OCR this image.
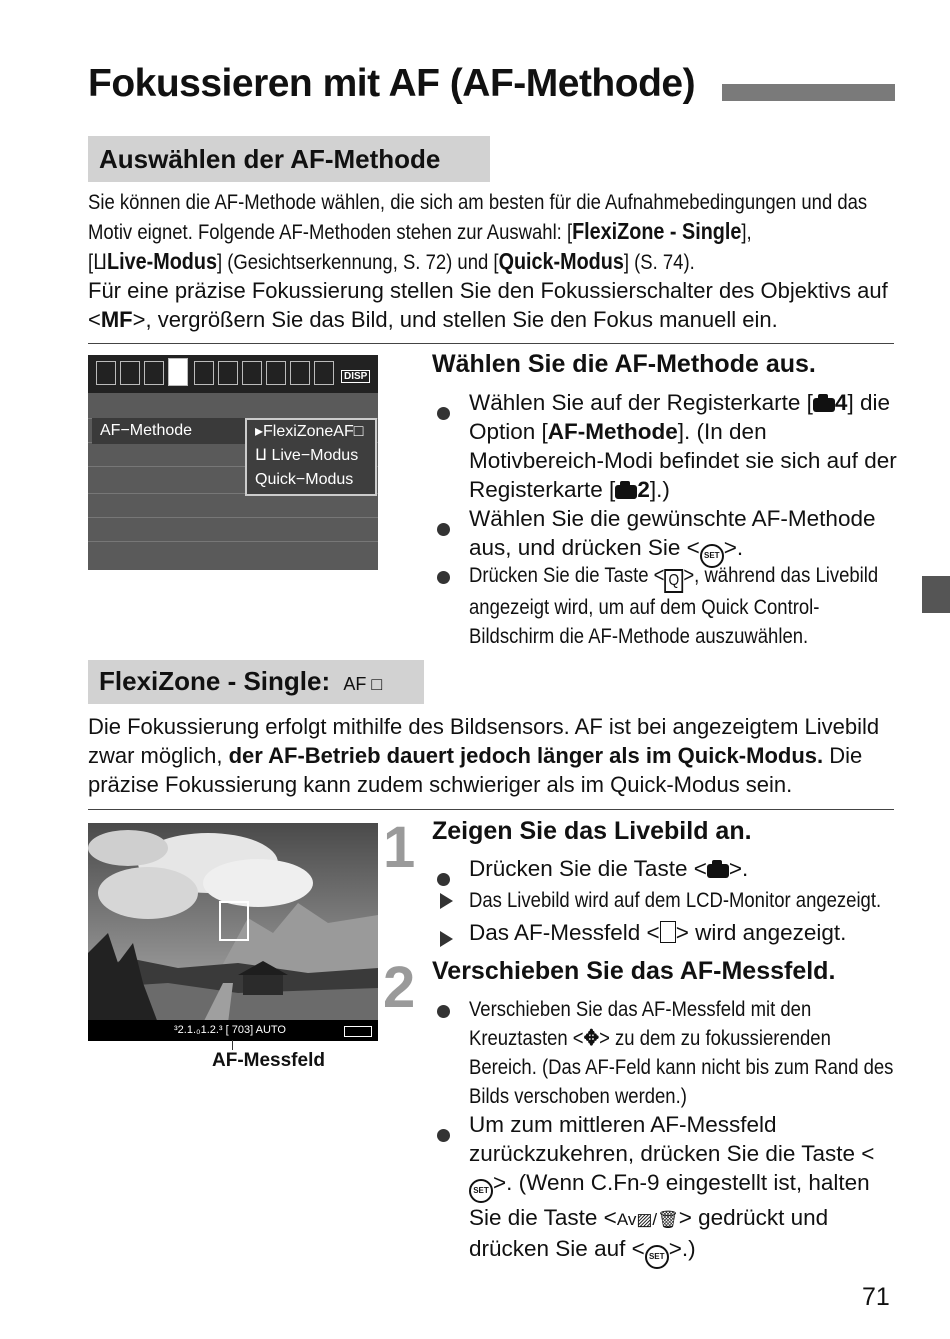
Fokussieren mit AF (AF-Methode)
Auswählen der AF-Methode
Sie können die AF-Methode wählen, die sich am besten für die Aufnahmebedingungen und das Motiv eignet. Folgende AF-Methoden stehen zur Auswahl: [FlexiZone - Single],
[ⵡLive-Modus] (Gesichtserkennung, S. 72) und [Quick-Modus] (S. 74).
Für eine präzise Fokussierung stellen Sie den Fokussierschalter des Objektivs auf <MF>, vergrößern Sie das Bild, und stellen Sie den Fokus manuell ein.
DISP
AF−Methode	▸FlexiZoneAF□
ⵡ Live−Modus
Quick−Modus
Wählen Sie die AF-Methode aus.
Wählen Sie auf der Registerkarte [ 4] die Option [AF-Methode]. (In den Motivbereich-Modi befindet sie sich auf der Registerkarte [ 2].)
Wählen Sie die gewünschte AF-Methode aus, und drücken Sie < SET >.
Drücken Sie die Taste < Q >, während das Livebild angezeigt wird, um auf dem Quick Control-Bildschirm die AF-Methode auszuwählen.
FlexiZone - Single: AF □
Die Fokussierung erfolgt mithilfe des Bildsensors. AF ist bei angezeigtem Livebild zwar möglich, der AF-Betrieb dauert jedoch länger als im Quick-Modus. Die präzise Fokussierung kann zudem schwieriger als im Quick-Modus sein.
³2.1.₀1.2.³ [ 703] AUTO
AF-Messfeld
1 Zeigen Sie das Livebild an.
Drücken Sie die Taste < >.
Das Livebild wird auf dem LCD-Monitor angezeigt.
Das AF-Messfeld < > wird angezeigt.
2 Verschieben Sie das AF-Messfeld.
Verschieben Sie das AF-Messfeld mit den Kreuztasten <✥> zu dem zu fokussierenden Bereich. (Das AF-Feld kann nicht bis zum Rand des Bilds verschoben werden.)
Um zum mittleren AF-Messfeld zurückzukehren, drücken Sie die Taste <SET >. (Wenn C.Fn-9 eingestellt ist, halten Sie die Taste <Av▨/🗑> gedrückt und drücken Sie auf < SET >.)
71
